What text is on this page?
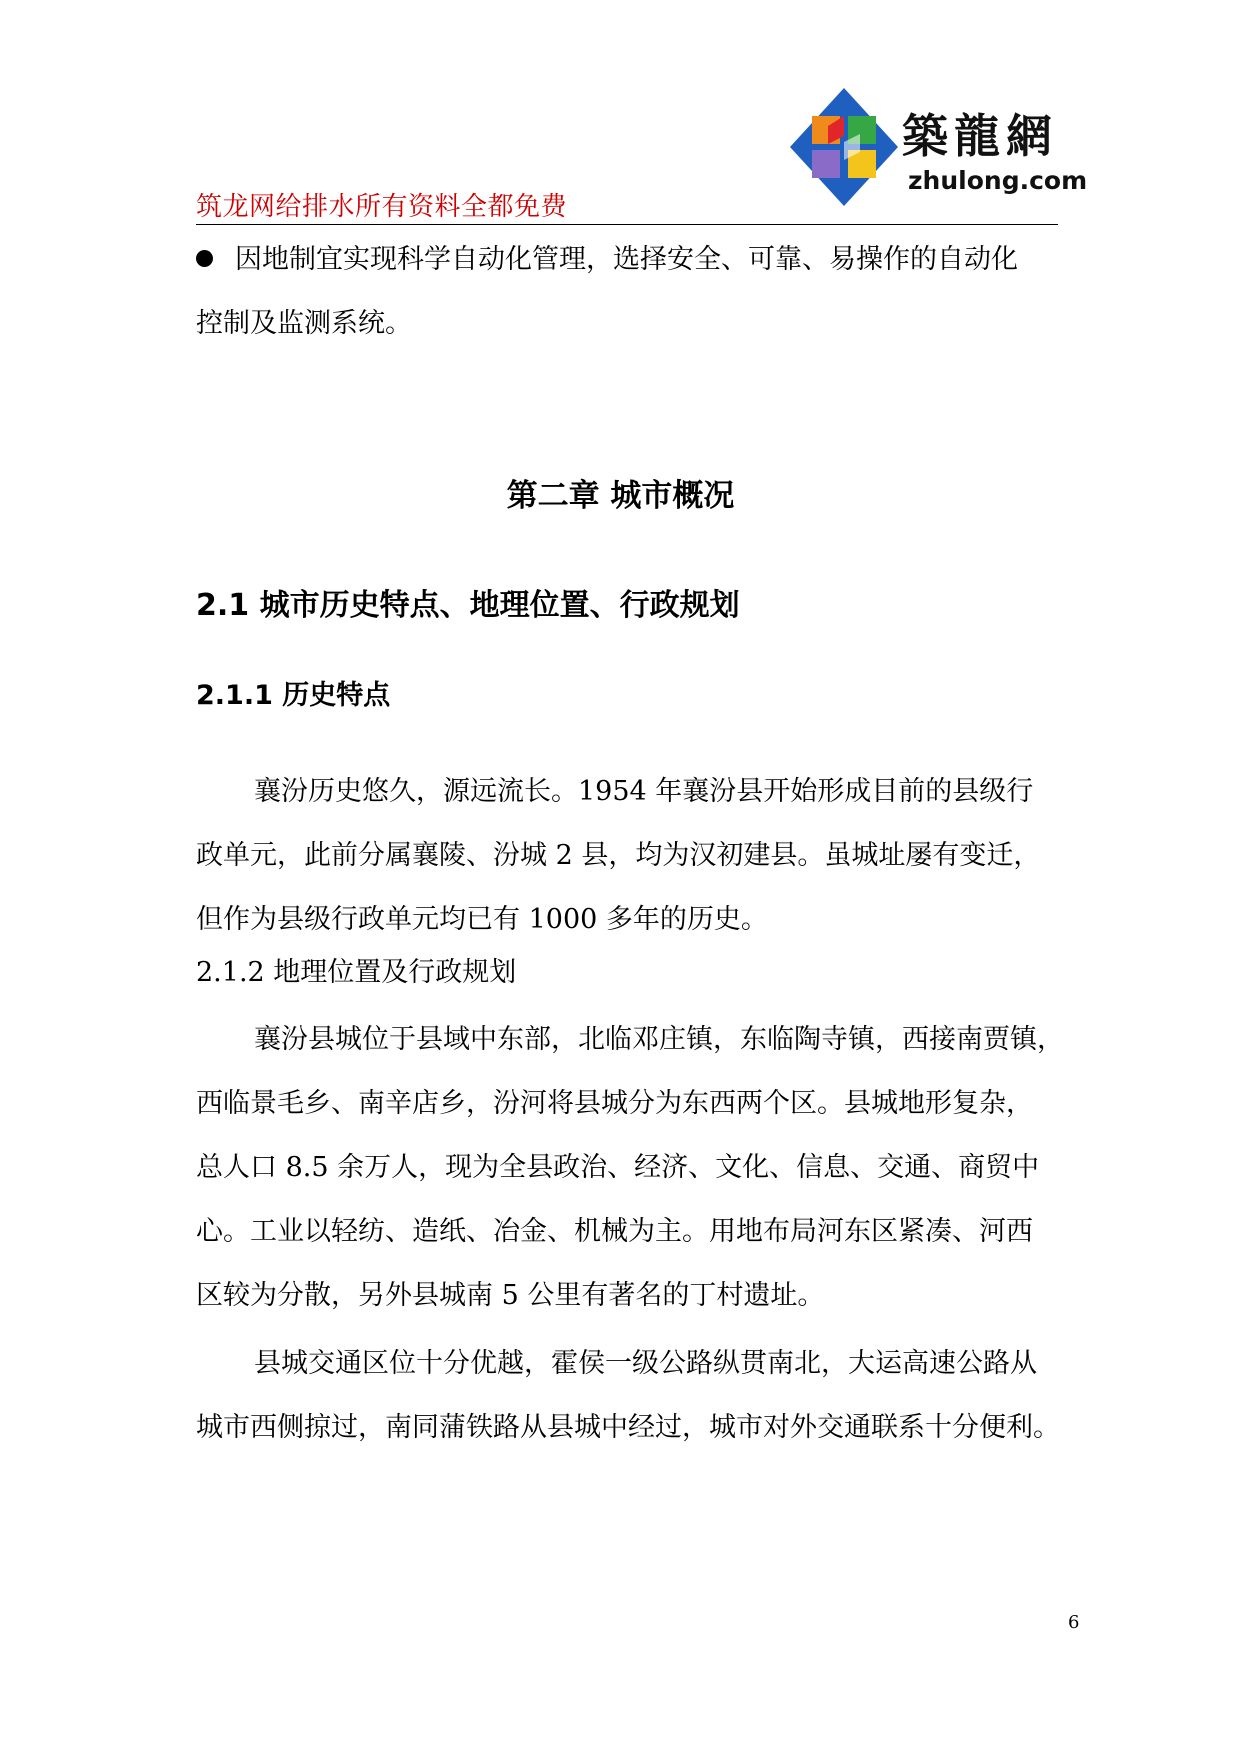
築龍網
zhulong.com
筑龙网给排水所有资料全都免费
因地制宜实现科学自动化管理，选择安全、可靠、易操作的自动化
控制及监测系统。
第二章 城市概况
2.1 城市历史特点、地理位置、行政规划
2.1.1 历史特点
襄汾历史悠久，源远流长。1954 年襄汾县开始形成目前的县级行
政单元，此前分属襄陵、汾城 2 县，均为汉初建县。虽城址屡有变迁，
但作为县级行政单元均已有 1000 多年的历史。
2.1.2 地理位置及行政规划
襄汾县城位于县域中东部，北临邓庄镇，东临陶寺镇，西接南贾镇，
西临景毛乡、南辛店乡，汾河将县城分为东西两个区。县城地形复杂，
总人口 8.5 余万人，现为全县政治、经济、文化、信息、交通、商贸中
心。工业以轻纺、造纸、冶金、机械为主。用地布局河东区紧凑、河西
区较为分散，另外县城南 5 公里有著名的丁村遗址。
县城交通区位十分优越，霍侯一级公路纵贯南北，大运高速公路从
城市西侧掠过，南同蒲铁路从县城中经过，城市对外交通联系十分便利。
6
